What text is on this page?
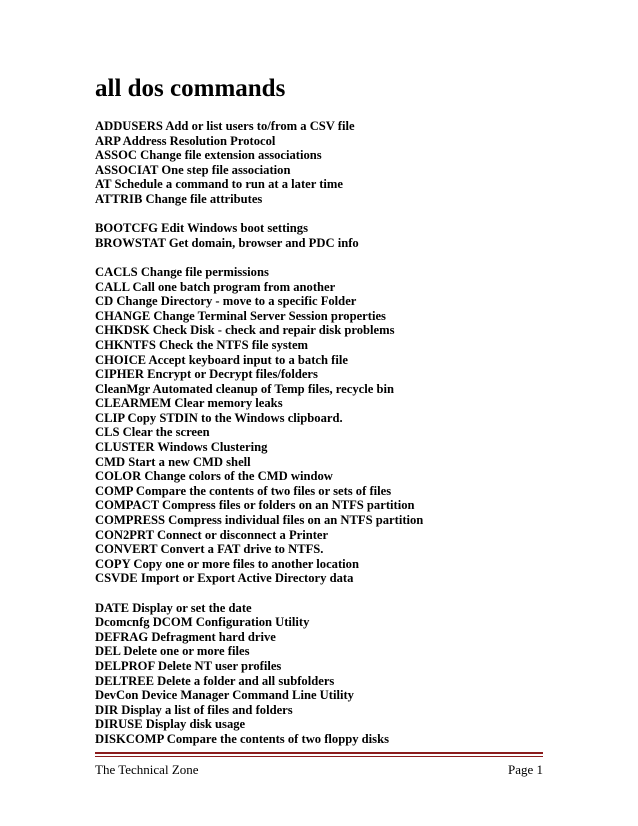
all dos commands
ADDUSERS Add or list users to/from a CSV file
ARP Address Resolution Protocol
ASSOC Change file extension associations
ASSOCIAT One step file association
AT Schedule a command to run at a later time
ATTRIB Change file attributes
BOOTCFG Edit Windows boot settings
BROWSTAT Get domain, browser and PDC info
CACLS Change file permissions
CALL Call one batch program from another
CD Change Directory - move to a specific Folder
CHANGE Change Terminal Server Session properties
CHKDSK Check Disk - check and repair disk problems
CHKNTFS Check the NTFS file system
CHOICE Accept keyboard input to a batch file
CIPHER Encrypt or Decrypt files/folders
CleanMgr Automated cleanup of Temp files, recycle bin
CLEARMEM Clear memory leaks
CLIP Copy STDIN to the Windows clipboard.
CLS Clear the screen
CLUSTER Windows Clustering
CMD Start a new CMD shell
COLOR Change colors of the CMD window
COMP Compare the contents of two files or sets of files
COMPACT Compress files or folders on an NTFS partition
COMPRESS Compress individual files on an NTFS partition
CON2PRT Connect or disconnect a Printer
CONVERT Convert a FAT drive to NTFS.
COPY Copy one or more files to another location
CSVDE Import or Export Active Directory data
DATE Display or set the date
Dcomcnfg DCOM Configuration Utility
DEFRAG Defragment hard drive
DEL Delete one or more files
DELPROF Delete NT user profiles
DELTREE Delete a folder and all subfolders
DevCon Device Manager Command Line Utility
DIR Display a list of files and folders
DIRUSE Display disk usage
DISKCOMP Compare the contents of two floppy disks
The Technical Zone	Page 1
